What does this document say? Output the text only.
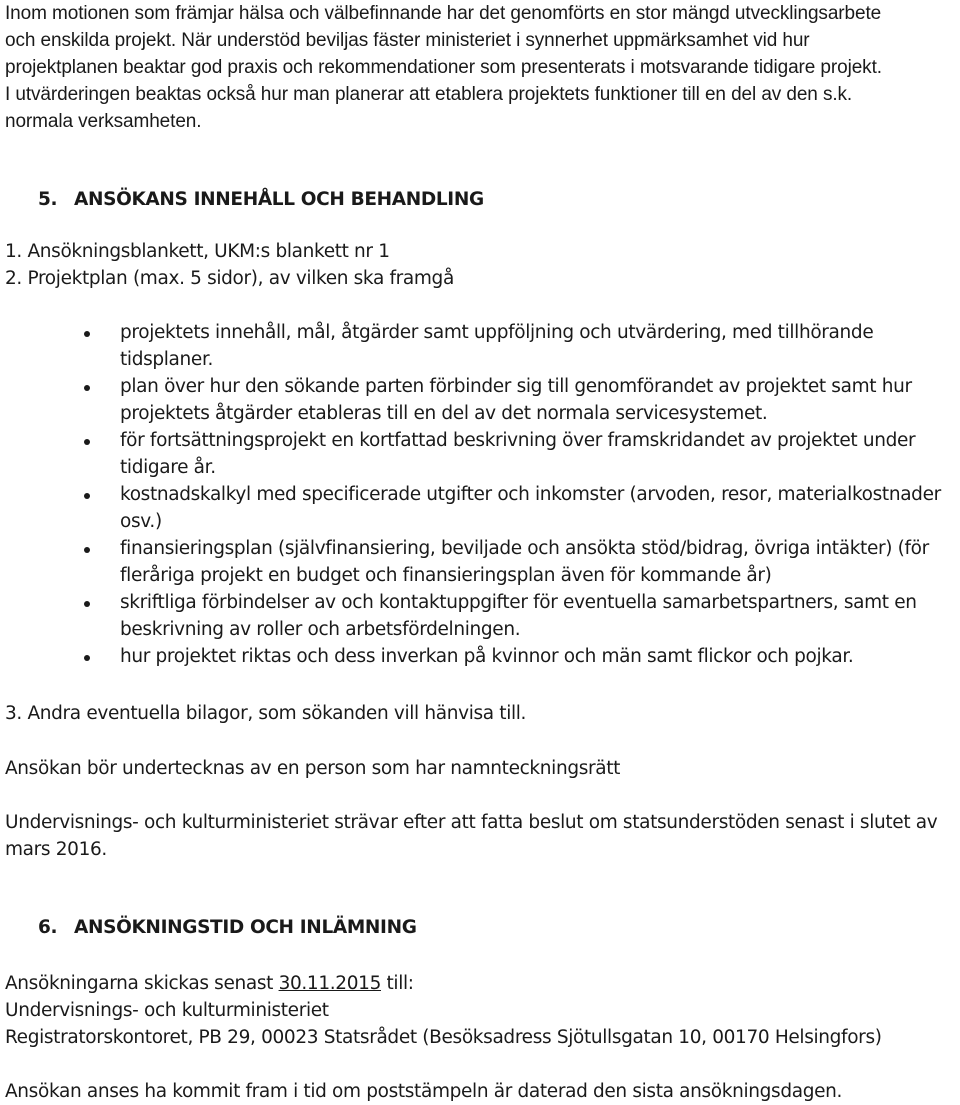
Inom motionen som främjar hälsa och välbefinnande har det genomförts en stor mängd utvecklingsarbete

och enskilda projekt. När understöd beviljas fäster ministeriet i synnerhet uppmärksamhet vid hur

projektplanen beaktar god praxis och rekommendationer som presenterats i motsvarande tidigare projekt.

I utvärderingen beaktas också hur man planerar att etablera projektets funktioner till en del av den s.k.

normala verksamheten.

5. ANSÖKANS INNEHÅLL OCH BEHANDLING

1. Ansökningsblankett, UKM:s blankett nr 1

2. Projektplan (max. 5 sidor), av vilken ska framgå

projektets innehåll, mål, åtgärder samt uppföljning och utvärdering, med tillhörande tidsplaner.
plan över hur den sökande parten förbinder sig till genomförandet av projektet samt hur projektets åtgärder etableras till en del av det normala servicesystemet.
för fortsättningsprojekt en kortfattad beskrivning över framskridandet av projektet under tidigare år.
kostnadskalkyl med specificerade utgifter och inkomster (arvoden, resor, materialkostnader osv.)
finansieringsplan (självfinansiering, beviljade och ansökta stöd/bidrag, övriga intäkter) (för fleråriga projekt en budget och finansieringsplan även för kommande år)
skriftliga förbindelser av och kontaktuppgifter för eventuella samarbetspartners, samt en beskrivning av roller och arbetsfördelningen.
hur projektet riktas och dess inverkan på kvinnor och män samt flickor och pojkar.

3. Andra eventuella bilagor, som sökanden vill hänvisa till.

Ansökan bör undertecknas av en person som har namnteckningsrätt

Undervisnings- och kulturministeriet strävar efter att fatta beslut om statsunderstöden senast i slutet av mars 2016.

6. ANSÖKNINGSTID OCH INLÄMNING

Ansökningarna skickas senast 30.11.2015 till:

Undervisnings- och kulturministeriet

Registratorskontoret, PB 29, 00023 Statsrådet (Besöksadress Sjötullsgatan 10, 00170 Helsingfors)

Ansökan anses ha kommit fram i tid om poststämpeln är daterad den sista ansökningsdagen.
